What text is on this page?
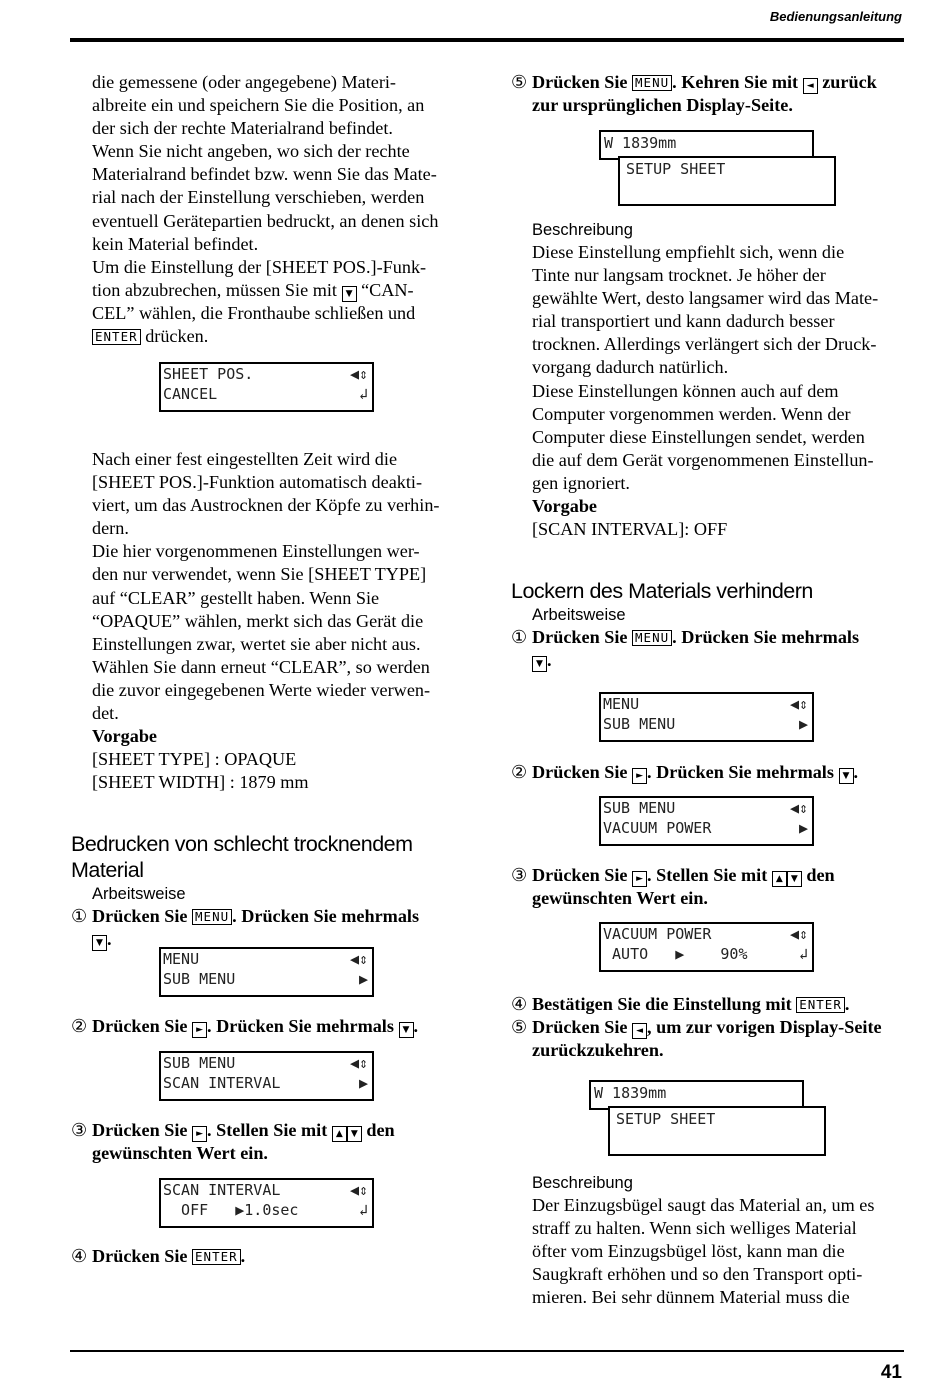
Bedienungsanleitung

die gemessene (oder angegebene) Materi-

albreite ein und speichern Sie die Position, an

der sich der rechte Materialrand befindet.

Wenn Sie nicht angeben, wo sich der rechte

Materialrand befindet bzw. wenn Sie das Mate-

rial nach der Einstellung verschieben, werden

eventuell Gerätepartien bedruckt, an denen sich

kein Material befindet.

Um die Einstellung der [SHEET POS.]-Funk-

tion abzubrechen, müssen Sie mit ▼ “CAN-

CEL” wählen, die Fronthaube schließen und

ENTER drücken.

SHEET POS.	◀⇕
CANCEL	↲

Nach einer fest eingestellten Zeit wird die

[SHEET POS.]-Funktion automatisch deakti-

viert, um das Austrocknen der Köpfe zu verhin-

dern.

Die hier vorgenommenen Einstellungen wer-

den nur verwendet, wenn Sie [SHEET TYPE]

auf “CLEAR” gestellt haben. Wenn Sie

“OPAQUE” wählen, merkt sich das Gerät die

Einstellungen zwar, wertet sie aber nicht aus.

Wählen Sie dann erneut “CLEAR”, so werden

die zuvor eingegebenen Werte wieder verwen-

det.

Vorgabe

[SHEET TYPE] : OPAQUE

[SHEET WIDTH] : 1879 mm

Bedrucken von schlecht trocknendem Material

Arbeitsweise

① Drücken Sie MENU . Drücken Sie mehrmals
▼ .

MENU	◀⇕
SUB MENU	▶

② Drücken Sie ► . Drücken Sie mehrmals ▼ .

SUB MENU	◀⇕
SCAN INTERVAL	▶

③ Drücken Sie ► . Stellen Sie mit ▲ ▼ den
gewünschten Wert ein.

SCAN INTERVAL	◀⇕
OFF   ▶1.0sec	↲

④ Drücken Sie ENTER .

⑤ Drücken Sie MENU . Kehren Sie mit ◄ zurück
zur ursprünglichen Display-Seite.

W 1839mm
SETUP SHEET

Beschreibung

Diese Einstellung empfiehlt sich, wenn die

Tinte nur langsam trocknet. Je höher der

gewählte Wert, desto langsamer wird das Mate-

rial transportiert und kann dadurch besser

trocknen. Allerdings verlängert sich der Druck-

vorgang dadurch natürlich.

Diese Einstellungen können auch auf dem

Computer vorgenommen werden. Wenn der

Computer diese Einstellungen sendet, werden

die auf dem Gerät vorgenommenen Einstellun-

gen ignoriert.

Vorgabe

[SCAN INTERVAL]: OFF

Lockern des Materials verhindern

Arbeitsweise

① Drücken Sie MENU . Drücken Sie mehrmals
▼ .

MENU	◀⇕
SUB MENU	▶

② Drücken Sie ► . Drücken Sie mehrmals ▼ .

SUB MENU	◀⇕
VACUUM POWER	▶

③ Drücken Sie ► . Stellen Sie mit ▲ ▼ den
gewünschten Wert ein.

VACUUM POWER	◀⇕
AUTO   ▶    90%	↲

④ Bestätigen Sie die Einstellung mit ENTER .

⑤ Drücken Sie ◄ , um zur vorigen Display-Seite
zurückzukehren.

W 1839mm
SETUP SHEET

Beschreibung

Der Einzugsbügel saugt das Material an, um es

straff zu halten. Wenn sich welliges Material

öfter vom Einzugsbügel löst, kann man die

Saugkraft erhöhen und so den Transport opti-

mieren. Bei sehr dünnem Material muss die

41
